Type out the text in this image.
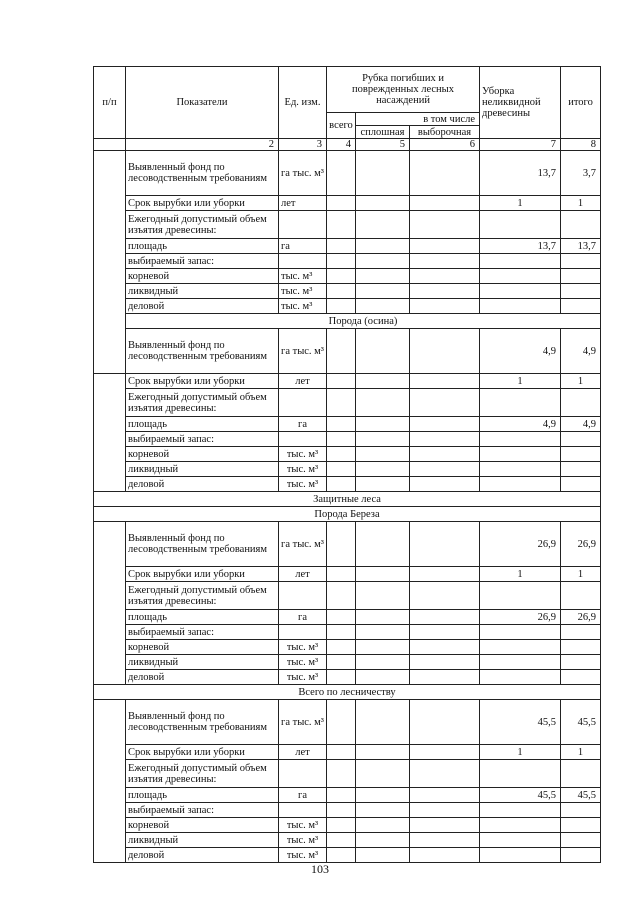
п/п	Показатели	Ед. изм.	Рубка погибших и поврежденных лесных насаждений			Уборка неликвидной древесины	итого
			всего	в том числе			
				сплошная	выборочная		
	2	3	4	5	6	7	8
	Выявленный фонд по лесоводственным требованиям	га тыс. м³				13,7	3,7
	Срок вырубки или уборки	лет				1	1
	Ежегодный допустимый объем изъятия древесины:						
	площадь	га				13,7	13,7
	выбираемый запас:						
	корневой	тыс. м³					
	ликвидный	тыс. м³					
	деловой	тыс. м³					
	Порода (осина)						
	Выявленный фонд по лесоводственным требованиям	га тыс. м³				4,9	4,9
	Срок вырубки или уборки	лет				1	1
	Ежегодный допустимый объем изъятия древесины:						
	площадь	га				4,9	4,9
	выбираемый запас:						
	корневой	тыс. м³					
	ликвидный	тыс. м³					
	деловой	тыс. м³					
Защитные леса							
Порода Береза							
	Выявленный фонд по лесоводственным требованиям	га тыс. м³				26,9	26,9
	Срок вырубки или уборки	лет				1	1
	Ежегодный допустимый объем изъятия древесины:						
	площадь	га				26,9	26,9
	выбираемый запас:						
	корневой	тыс. м³					
	ликвидный	тыс. м³					
	деловой	тыс. м³					
Всего по лесничеству							
	Выявленный фонд по лесоводственным требованиям	га тыс. м³				45,5	45,5
	Срок вырубки или уборки	лет				1	1
	Ежегодный допустимый объем изъятия древесины:						
	площадь	га				45,5	45,5
	выбираемый запас:						
	корневой	тыс. м³					
	ликвидный	тыс. м³					
	деловой	тыс. м³					
103
